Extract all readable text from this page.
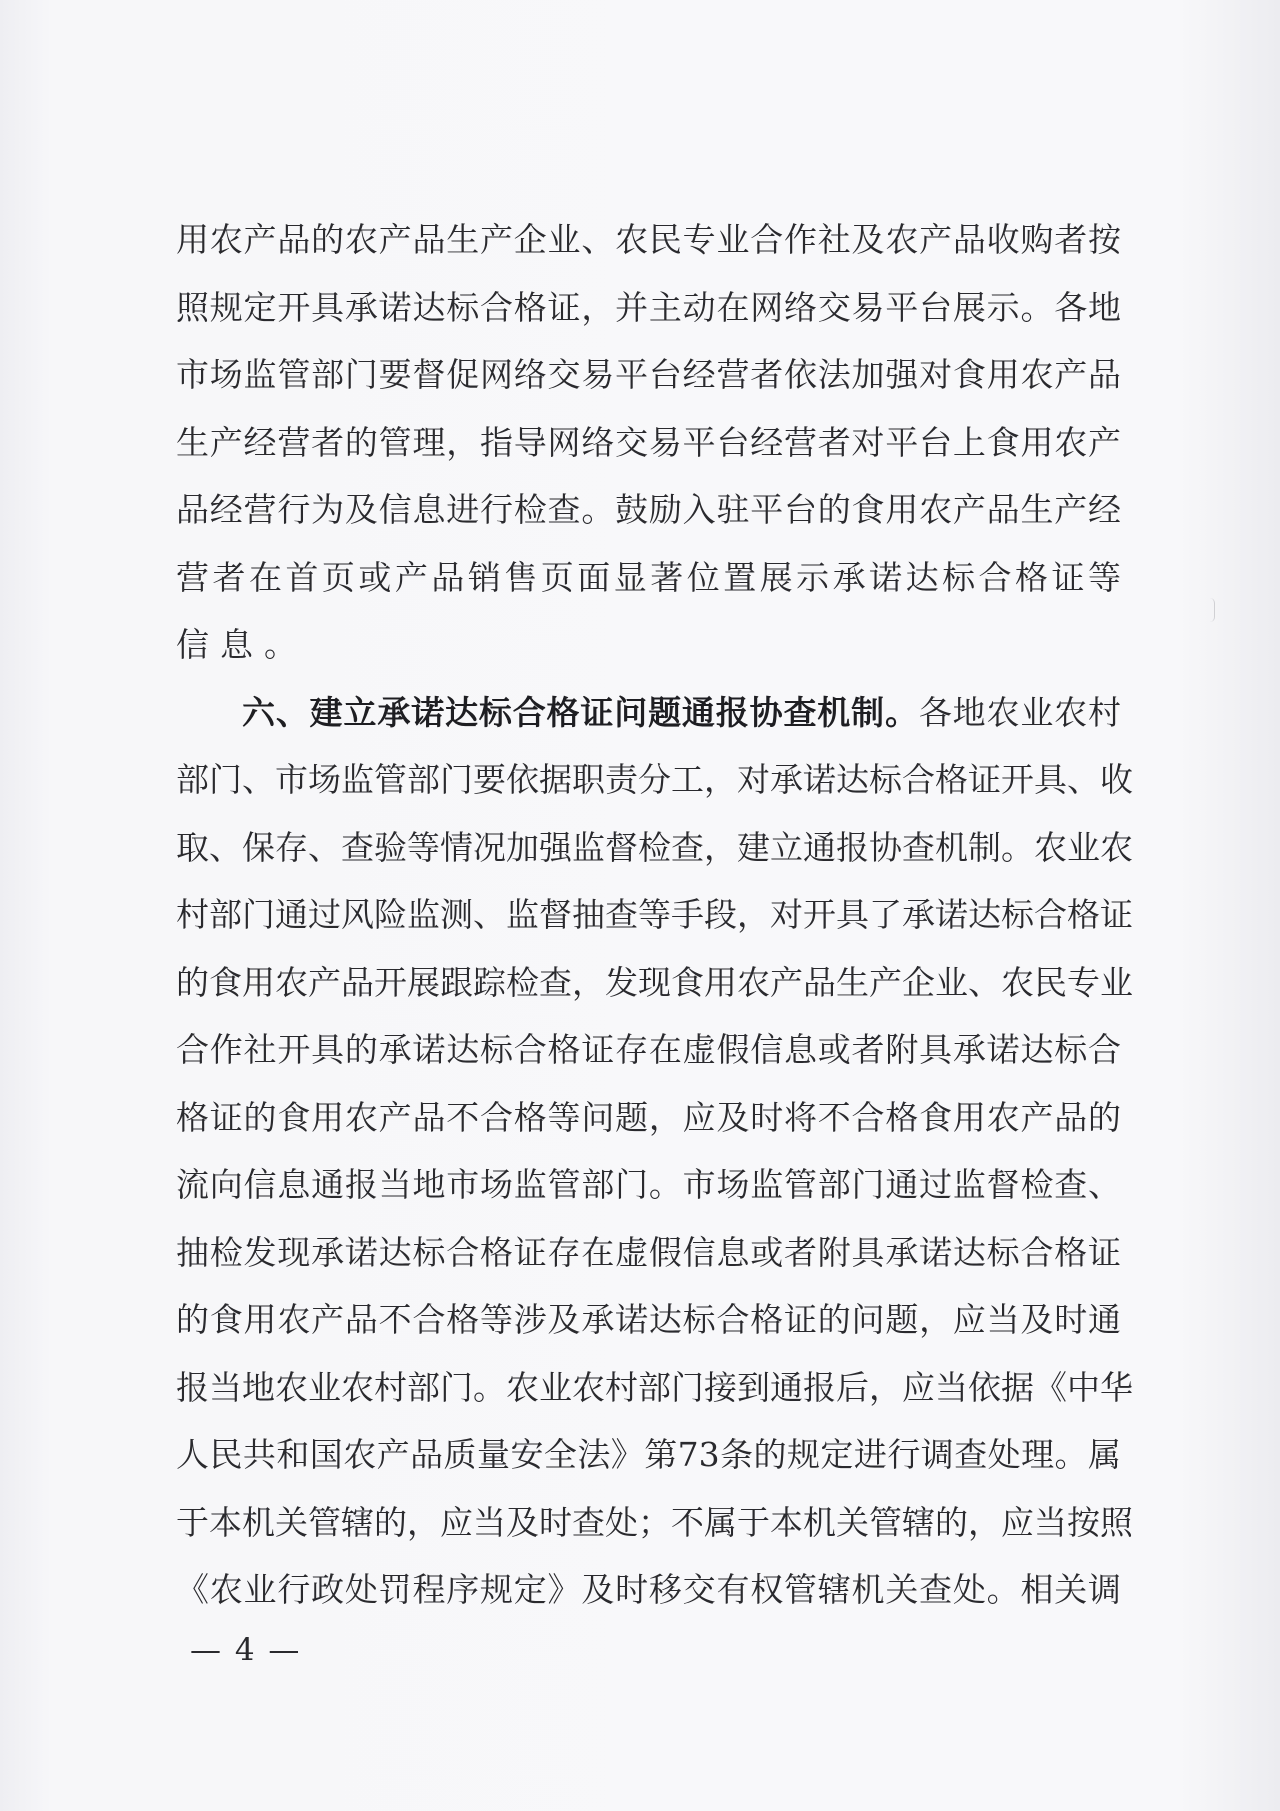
用农产品的农产品生产企业、农民专业合作社及农产品收购者按
照规定开具承诺达标合格证，并主动在网络交易平台展示。各地
市场监管部门要督促网络交易平台经营者依法加强对食用农产品
生产经营者的管理，指导网络交易平台经营者对平台上食用农产
品经营行为及信息进行检查。鼓励入驻平台的食用农产品生产经
营者在首页或产品销售页面显著位置展示承诺达标合格证等
信息。
六、建立承诺达标合格证问题通报协查机制。各地农业农村
部门、市场监管部门要依据职责分工，对承诺达标合格证开具、收
取、保存、查验等情况加强监督检查，建立通报协查机制。农业农
村部门通过风险监测、监督抽查等手段，对开具了承诺达标合格证
的食用农产品开展跟踪检查，发现食用农产品生产企业、农民专业
合作社开具的承诺达标合格证存在虚假信息或者附具承诺达标合
格证的食用农产品不合格等问题，应及时将不合格食用农产品的
流向信息通报当地市场监管部门。市场监管部门通过监督检查、
抽检发现承诺达标合格证存在虚假信息或者附具承诺达标合格证
的食用农产品不合格等涉及承诺达标合格证的问题，应当及时通
报当地农业农村部门。农业农村部门接到通报后，应当依据《中华
人民共和国农产品质量安全法》第73条的规定进行调查处理。属
于本机关管辖的，应当及时查处；不属于本机关管辖的，应当按照
《农业行政处罚程序规定》及时移交有权管辖机关查处。相关调
— 4 —
